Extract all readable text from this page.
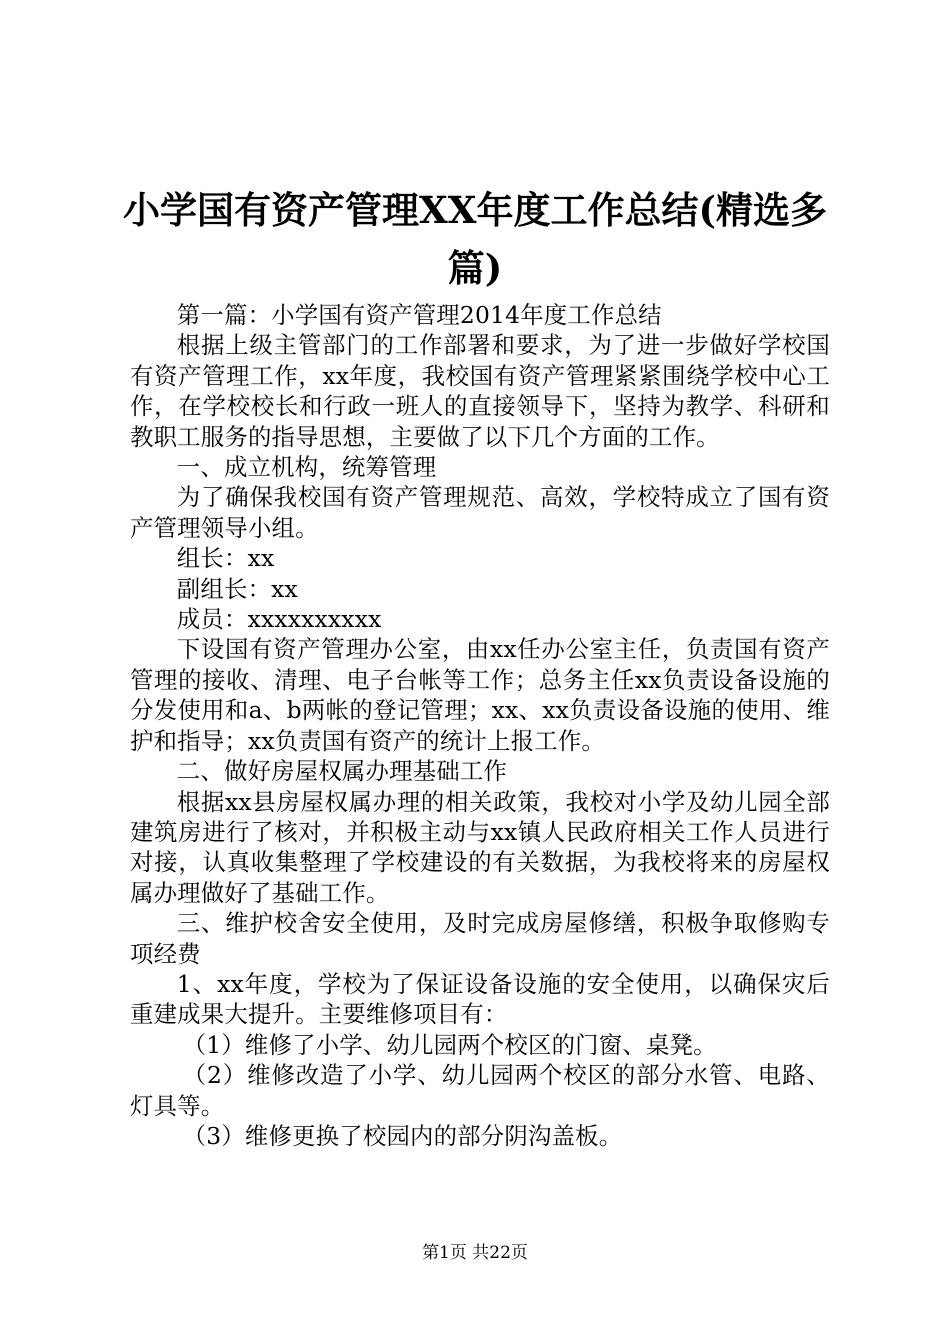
小学国有资产管理XX年度工作总结(精选多
篇)

第一篇：小学国有资产管理2014年度工作总结

根据上级主管部门的工作部署和要求，为了进一步做好学校国有资产管理工作，xx年度，我校国有资产管理紧紧围绕学校中心工作，在学校校长和行政一班人的直接领导下，坚持为教学、科研和教职工服务的指导思想，主要做了以下几个方面的工作。

一、成立机构，统筹管理

为了确保我校国有资产管理规范、高效，学校特成立了国有资产管理领导小组。

组长：xx

副组长：xx

成员：xxxxxxxxxx

下设国有资产管理办公室，由xx任办公室主任，负责国有资产管理的接收、清理、电子台帐等工作；总务主任xx负责设备设施的分发使用和a、b两帐的登记管理；xx、xx负责设备设施的使用、维护和指导；xx负责国有资产的统计上报工作。

二、做好房屋权属办理基础工作

根据xx县房屋权属办理的相关政策，我校对小学及幼儿园全部建筑房进行了核对，并积极主动与xx镇人民政府相关工作人员进行对接，认真收集整理了学校建设的有关数据，为我校将来的房屋权属办理做好了基础工作。

三、维护校舍安全使用，及时完成房屋修缮，积极争取修购专项经费

1、xx年度，学校为了保证设备设施的安全使用，以确保灾后重建成果大提升。主要维修项目有：

（1）维修了小学、幼儿园两个校区的门窗、桌凳。

（2）维修改造了小学、幼儿园两个校区的部分水管、电路、灯具等。

（3）维修更换了校园内的部分阴沟盖板。

第1页 共22页
